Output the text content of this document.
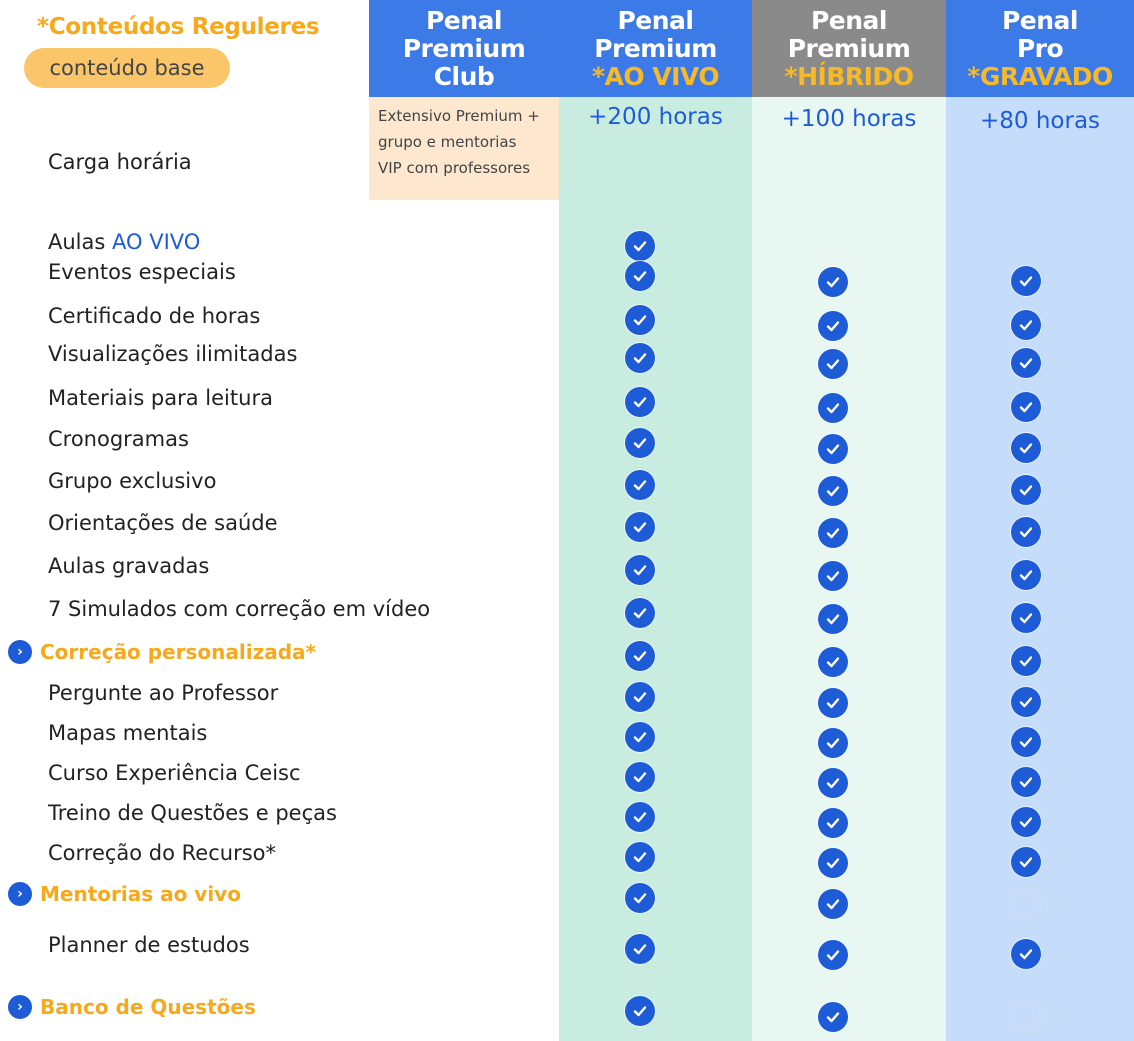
*Conteúdos Reguleres
conteúdo base
Penal
Premium
Club
Penal
Premium
*AO VIVO
Penal
Premium
*HÍBRIDO
Penal
Pro
*GRAVADO
Extensivo Premium +
grupo e mentorias
VIP com professores
+200 horas	+100 horas	+80 horas
Carga horária
Aulas AO VIVO
Eventos especiais
Certificado de horas
Visualizações ilimitadas
Materiais para leitura
Cronogramas
Grupo exclusivo
Orientações de saúde
Aulas gravadas
7 Simulados com correção em vídeo
› Correção personalizada*
Pergunte ao Professor
Mapas mentais
Curso Experiência Ceisc
Treino de Questões e peças
Correção do Recurso*
› Mentorias ao vivo
Planner de estudos
› Banco de Questões
